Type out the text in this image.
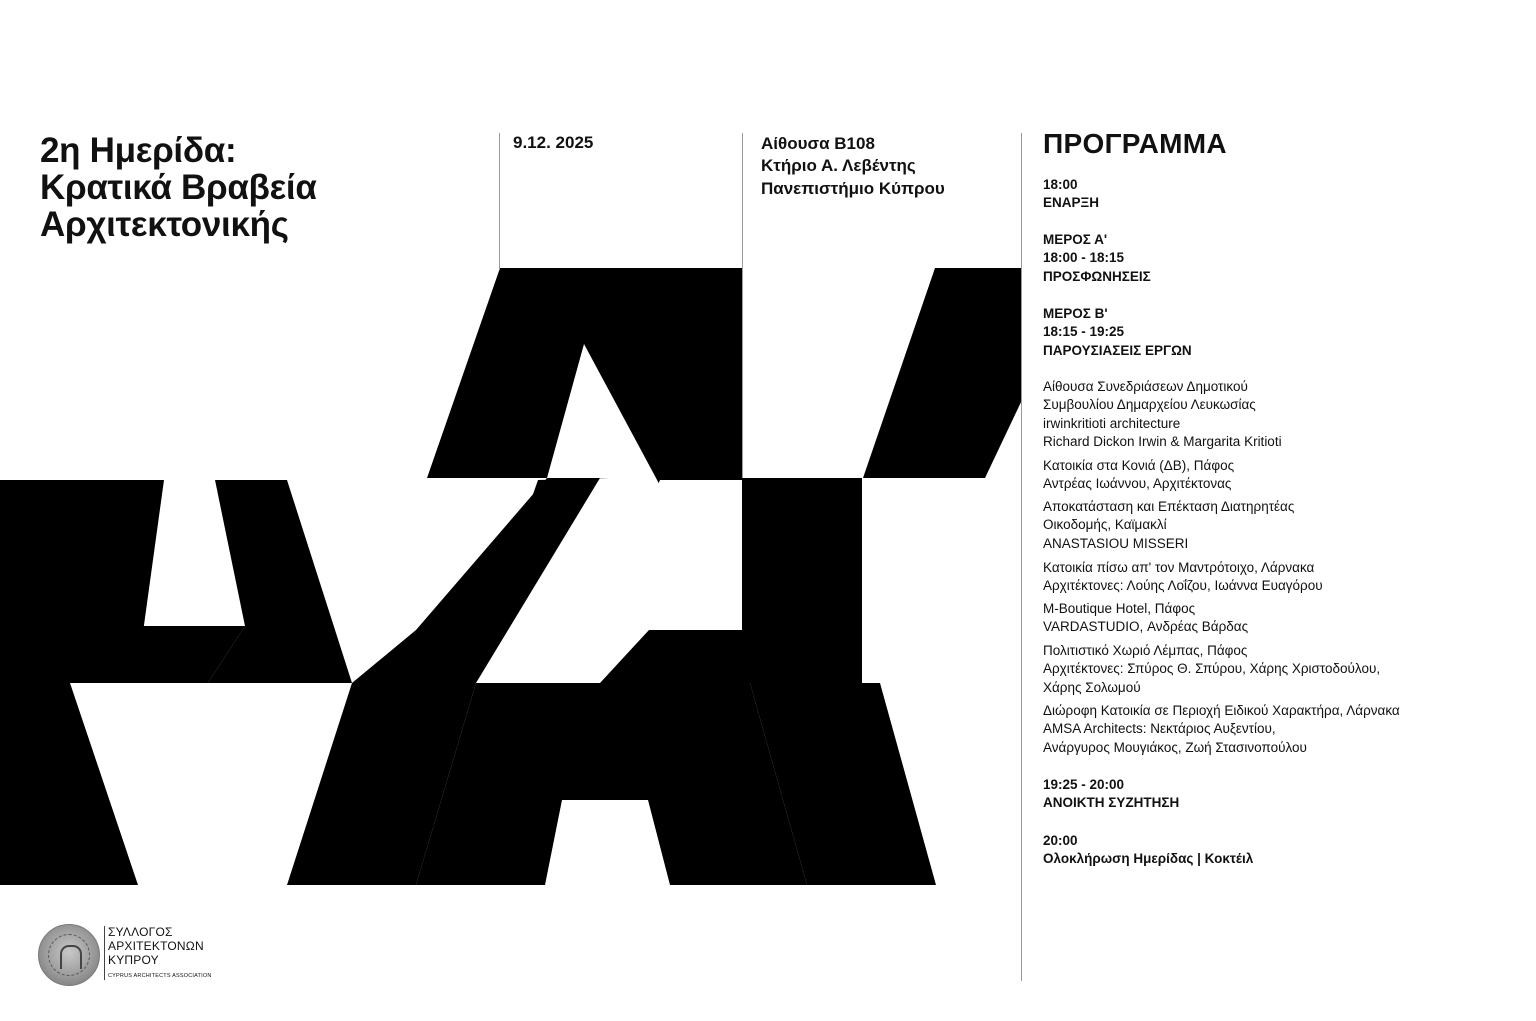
2η Ημερίδα:
Κρατικά Βραβεία
Αρχιτεκτονικής
9.12. 2025	Αίθουσα Β108
Κτήριο Α. Λεβέντης
Πανεπιστήμιο Κύπρου
ΠΡΟΓΡΑΜΜΑ
18:00
ΕΝΑΡΞΗ
ΜΕΡΟΣ Α'
18:00 - 18:15
ΠΡΟΣΦΩΝΗΣΕΙΣ
ΜΕΡΟΣ Β'
18:15 - 19:25
ΠΑΡΟΥΣΙΑΣΕΙΣ ΕΡΓΩΝ
Αίθουσα Συνεδριάσεων Δημοτικού
Συμβουλίου Δημαρχείου Λευκωσίας
irwinkritioti architecture
Richard Dickon Irwin & Margarita Kritioti
Κατοικία στα Κονιά (ΔΒ), Πάφος
Αντρέας Ιωάννου, Αρχιτέκτονας
Αποκατάσταση και Επέκταση Διατηρητέας
Οικοδομής, Καϊμακλί
ANASTASIOU MISSERI
Κατοικία πίσω απ' τον Μαντρότοιχο, Λάρνακα
Αρχιτέκτονες: Λούης Λοΐζου, Ιωάννα Ευαγόρου
M-Boutique Hotel, Πάφος
VARDASTUDIO, Ανδρέας Βάρδας
Πολιτιστικό Χωριό Λέμπας, Πάφος
Αρχιτέκτονες: Σπύρος Θ. Σπύρου, Χάρης Χριστοδούλου,
Χάρης Σολωμού
Διώροφη Κατοικία σε Περιοχή Ειδικού Χαρακτήρα, Λάρνακα
AMSA Architects: Νεκτάριος Αυξεντίου,
Ανάργυρος Μουγιάκος, Ζωή Στασινοπούλου
19:25 - 20:00
ΑΝΟΙΚΤΗ ΣΥΖΗΤΗΣΗ
20:00
Ολοκλήρωση Ημερίδας | Κοκτέιλ
ΣΥΛΛΟΓΟΣ
ΑΡΧΙΤΕΚΤΟΝΩΝ
ΚΥΠΡΟΥ
CYPRUS ARCHITECTS ASSOCIATION
